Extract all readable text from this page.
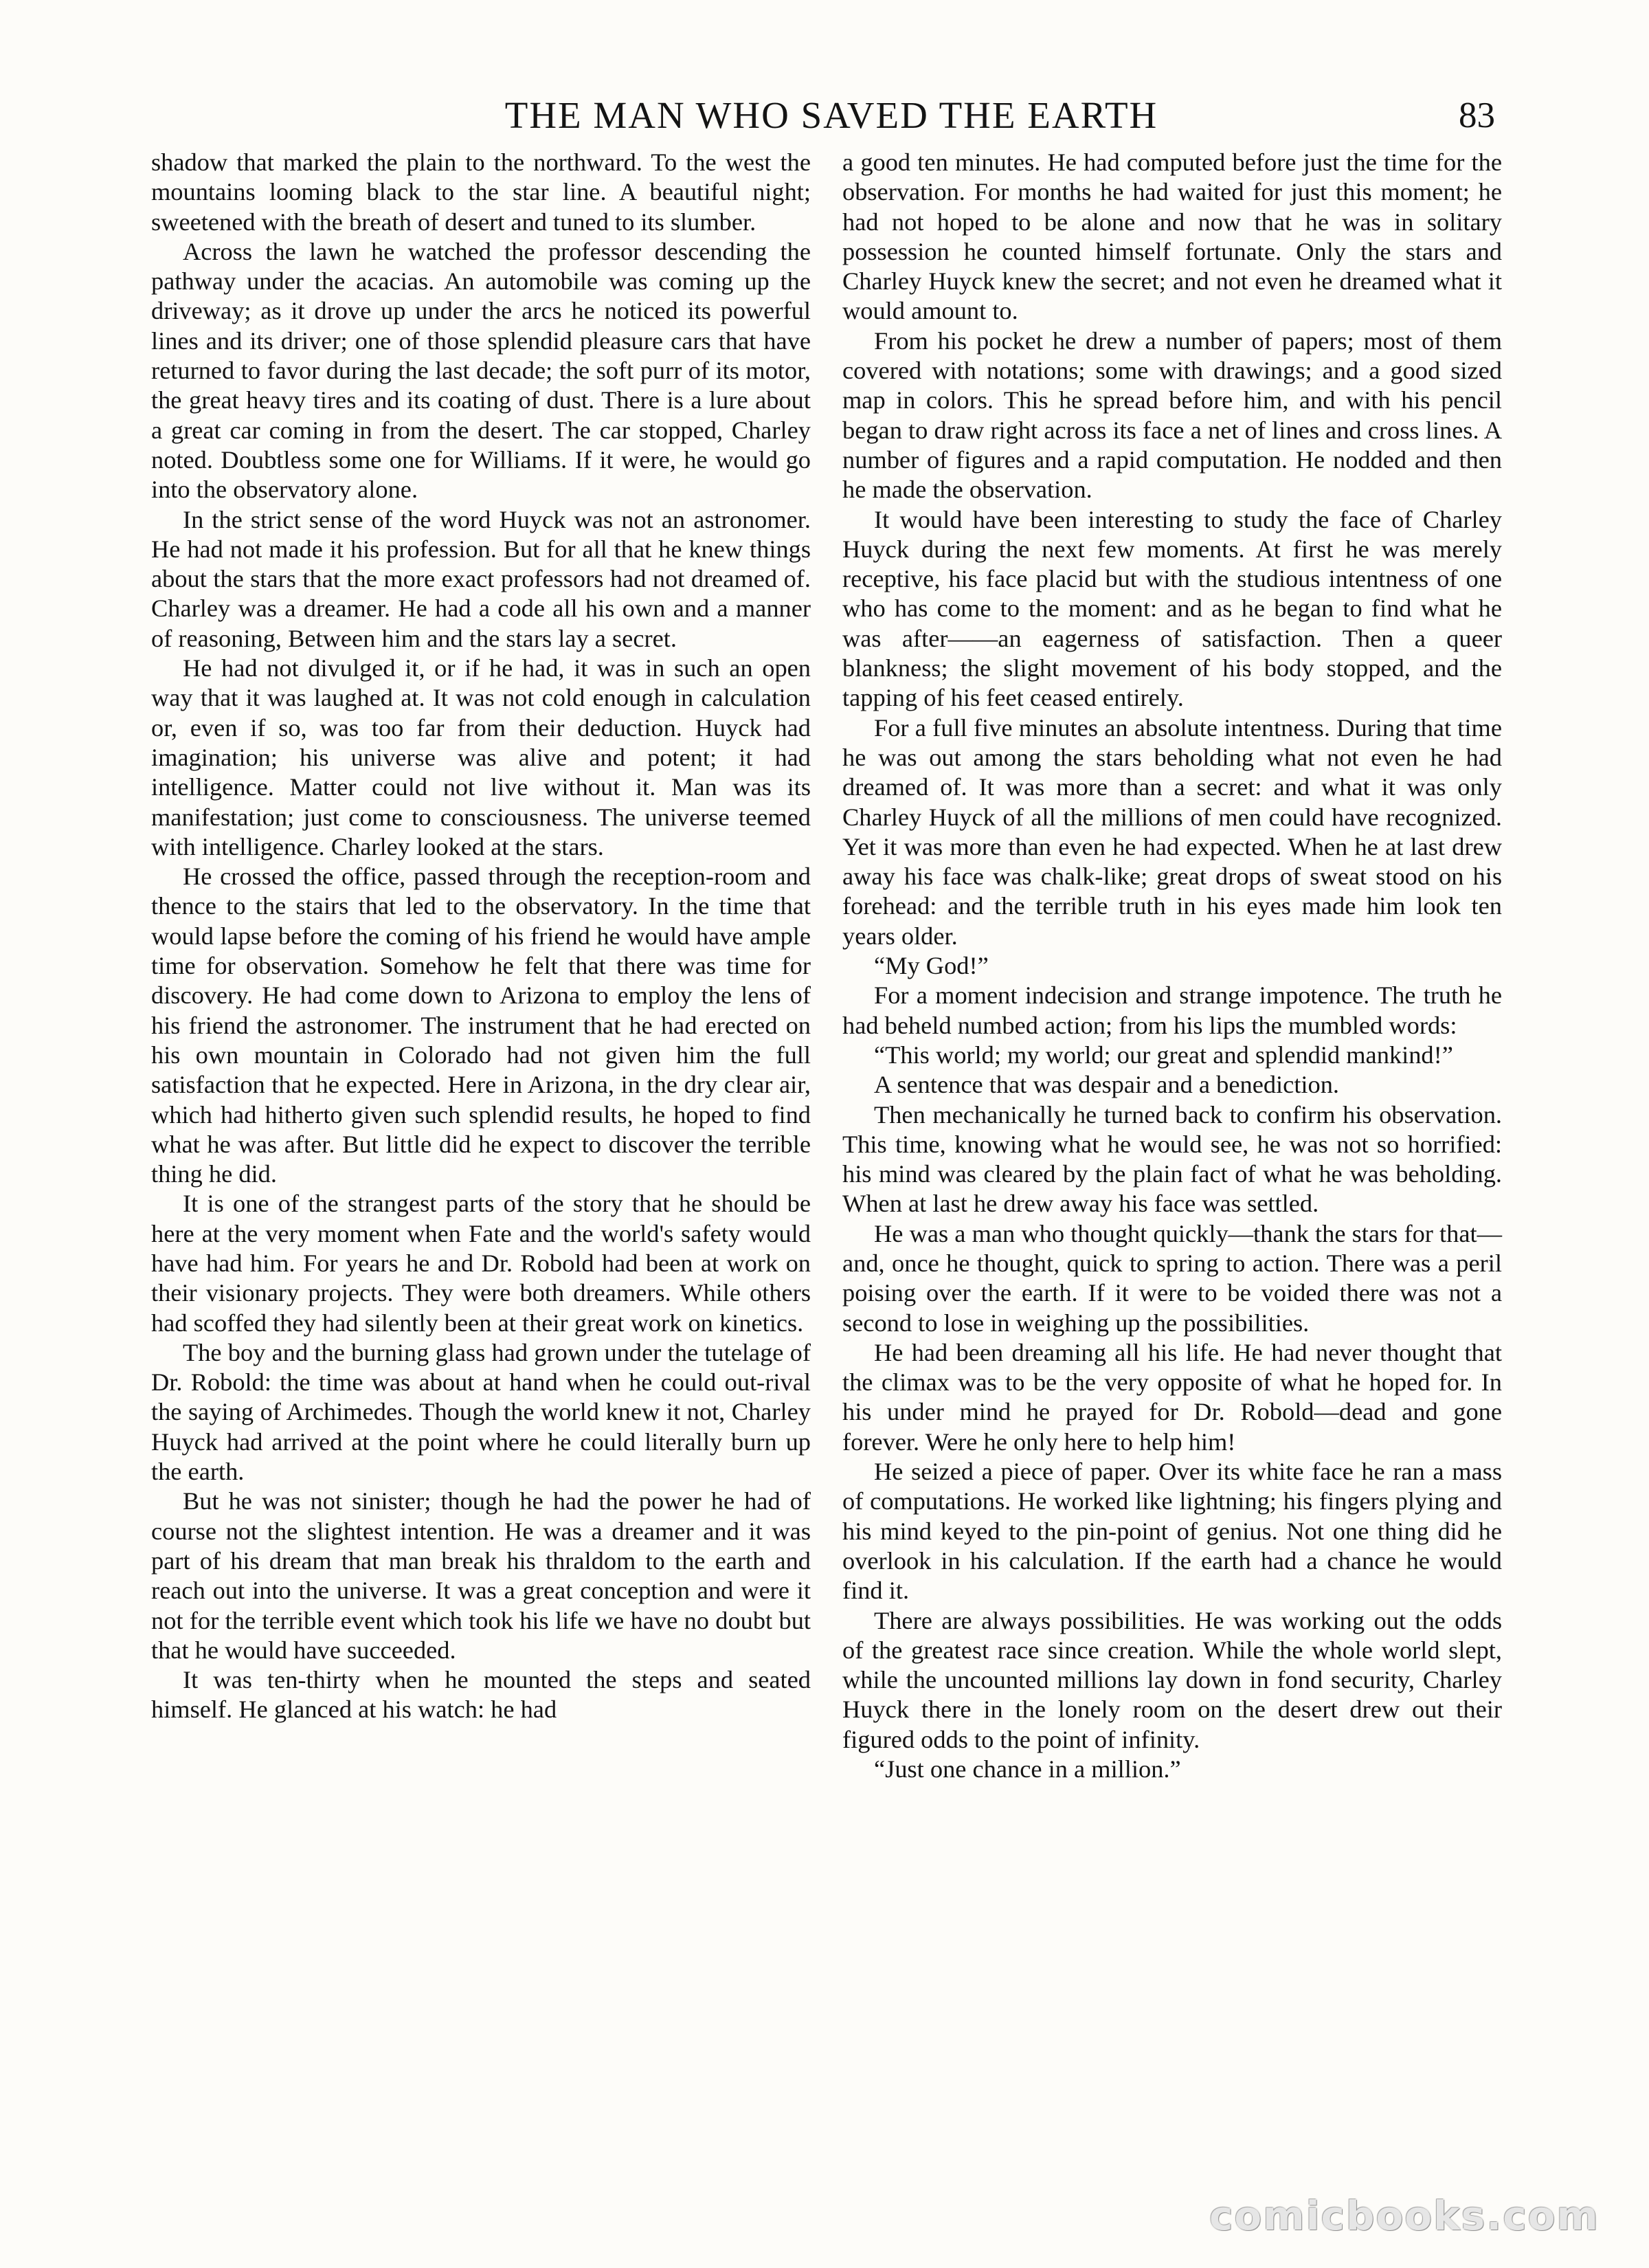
THE MAN WHO SAVED THE EARTH	83

shadow that marked the plain to the northward. To the west the mountains looming black to the star line. A beautiful night; sweetened with the breath of desert and tuned to its slumber.

Across the lawn he watched the professor descending the pathway under the acacias. An automobile was coming up the driveway; as it drove up under the arcs he noticed its powerful lines and its driver; one of those splendid pleasure cars that have returned to favor during the last decade; the soft purr of its motor, the great heavy tires and its coating of dust. There is a lure about a great car coming in from the desert. The car stopped, Charley noted. Doubtless some one for Williams. If it were, he would go into the observatory alone.

In the strict sense of the word Huyck was not an astronomer. He had not made it his profession. But for all that he knew things about the stars that the more exact professors had not dreamed of. Charley was a dreamer. He had a code all his own and a manner of reasoning, Between him and the stars lay a secret.

He had not divulged it, or if he had, it was in such an open way that it was laughed at. It was not cold enough in calculation or, even if so, was too far from their deduction. Huyck had imagination; his universe was alive and potent; it had intelligence. Matter could not live without it. Man was its manifestation; just come to consciousness. The universe teemed with intelligence. Charley looked at the stars.

He crossed the office, passed through the reception-room and thence to the stairs that led to the observatory. In the time that would lapse before the coming of his friend he would have ample time for observation. Somehow he felt that there was time for discovery. He had come down to Arizona to employ the lens of his friend the astronomer. The instrument that he had erected on his own mountain in Colorado had not given him the full satisfaction that he expected. Here in Arizona, in the dry clear air, which had hitherto given such splendid results, he hoped to find what he was after. But little did he expect to discover the terrible thing he did.

It is one of the strangest parts of the story that he should be here at the very moment when Fate and the world's safety would have had him. For years he and Dr. Robold had been at work on their visionary projects. They were both dreamers. While others had scoffed they had silently been at their great work on kinetics.

The boy and the burning glass had grown under the tutelage of Dr. Robold: the time was about at hand when he could out-rival the saying of Archimedes. Though the world knew it not, Charley Huyck had arrived at the point where he could literally burn up the earth.

But he was not sinister; though he had the power he had of course not the slightest intention. He was a dreamer and it was part of his dream that man break his thraldom to the earth and reach out into the universe. It was a great conception and were it not for the terrible event which took his life we have no doubt but that he would have succeeded.

It was ten-thirty when he mounted the steps and seated himself. He glanced at his watch: he had

a good ten minutes. He had computed before just the time for the observation. For months he had waited for just this moment; he had not hoped to be alone and now that he was in solitary possession he counted himself fortunate. Only the stars and Charley Huyck knew the secret; and not even he dreamed what it would amount to.

From his pocket he drew a number of papers; most of them covered with notations; some with drawings; and a good sized map in colors. This he spread before him, and with his pencil began to draw right across its face a net of lines and cross lines. A number of figures and a rapid computation. He nodded and then he made the observation.

It would have been interesting to study the face of Charley Huyck during the next few moments. At first he was merely receptive, his face placid but with the studious intentness of one who has come to the moment: and as he began to find what he was after——an eagerness of satisfaction. Then a queer blankness; the slight movement of his body stopped, and the tapping of his feet ceased entirely.

For a full five minutes an absolute intentness. During that time he was out among the stars beholding what not even he had dreamed of. It was more than a secret: and what it was only Charley Huyck of all the millions of men could have recognized. Yet it was more than even he had expected. When he at last drew away his face was chalk-like; great drops of sweat stood on his forehead: and the terrible truth in his eyes made him look ten years older.

“My God!”

For a moment indecision and strange impotence. The truth he had beheld numbed action; from his lips the mumbled words:

“This world; my world; our great and splendid mankind!”

A sentence that was despair and a benediction.

Then mechanically he turned back to confirm his observation. This time, knowing what he would see, he was not so horrified: his mind was cleared by the plain fact of what he was beholding. When at last he drew away his face was settled.

He was a man who thought quickly—thank the stars for that—and, once he thought, quick to spring to action. There was a peril poising over the earth. If it were to be voided there was not a second to lose in weighing up the possibilities.

He had been dreaming all his life. He had never thought that the climax was to be the very opposite of what he hoped for. In his under mind he prayed for Dr. Robold—dead and gone forever. Were he only here to help him!

He seized a piece of paper. Over its white face he ran a mass of computations. He worked like lightning; his fingers plying and his mind keyed to the pin-point of genius. Not one thing did he overlook in his calculation. If the earth had a chance he would find it.

There are always possibilities. He was working out the odds of the greatest race since creation. While the whole world slept, while the uncounted millions lay down in fond security, Charley Huyck there in the lonely room on the desert drew out their figured odds to the point of infinity.

“Just one chance in a million.”

comicbooks.com
